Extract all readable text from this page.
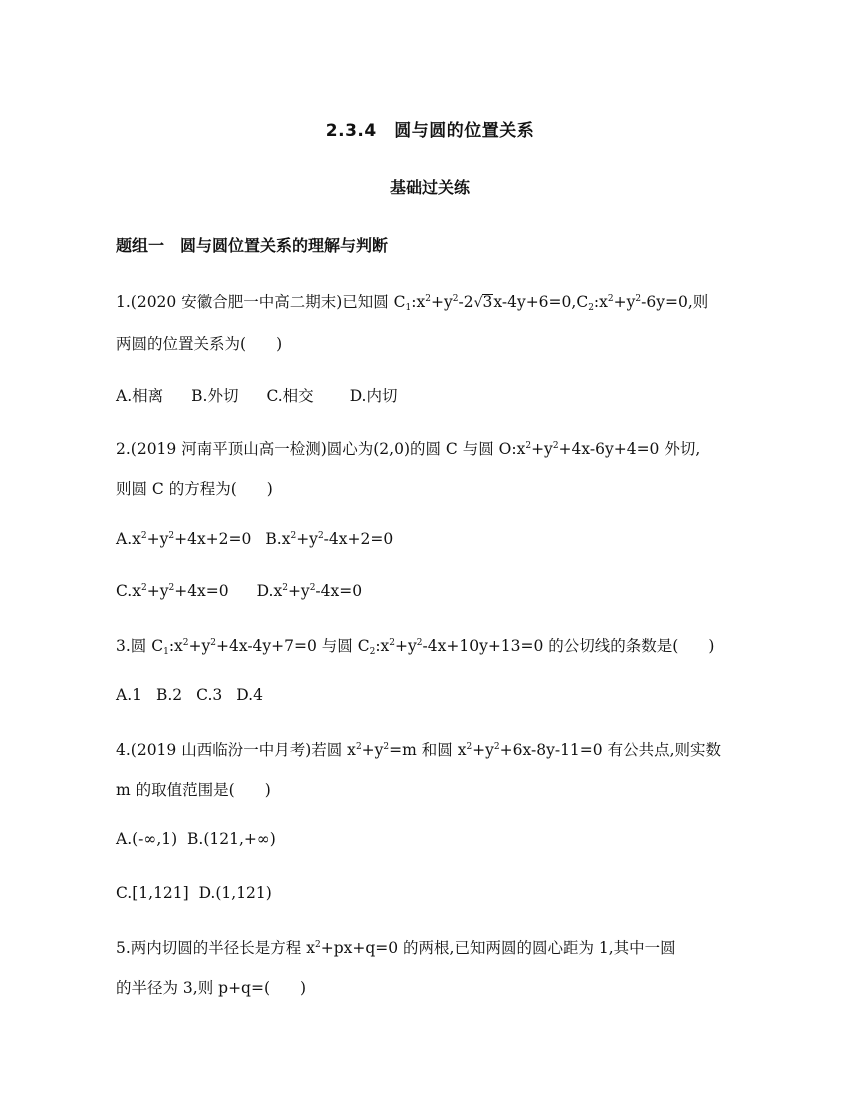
2.3.4　圆与圆的位置关系
基础过关练
题组一　圆与圆位置关系的理解与判断
1.(2020 安徽合肥一中高二期末)已知圆 $C_1:x^2+y^2-2√3x-4y+6=0,C_2:x^2+y^2-6y=0$,则
两圆的位置关系为( )
A.相离 B.外切 C.相交 D.内切
2.(2019 河南平顶山高一检测)圆心为(2,0)的圆 C 与圆 $O:x^2+y^2+4x-6y+4=0$ 外切,
则圆 C 的方程为( )
$A.x^2+y^2+4x+2=0$ $B.x^2+y^2-4x+2=0$
$C.x^2+y^2+4x=0$ $D.x^2+y^2-4x=0$
3.圆 $C_1:x^2+y^2+4x-4y+7=0$ 与圆 $C_2:x^2+y^2-4x+10y+13=0$ 的公切线的条数是( )
A.1 B.2 C.3 D.4
4.(2019 山西临汾一中月考)若圆 $x^2+y^2=m$ 和圆 $x^2+y^2+6x-8y-11=0$ 有公共点,则实数
m 的取值范围是( )
A.(-∞,1) B.(121,+∞)
C.[1,121] D.(1,121)
5.两内切圆的半径长是方程 $x^2+px+q=0$ 的两根,已知两圆的圆心距为 1,其中一圆
的半径为 3,则 p+q=( )
